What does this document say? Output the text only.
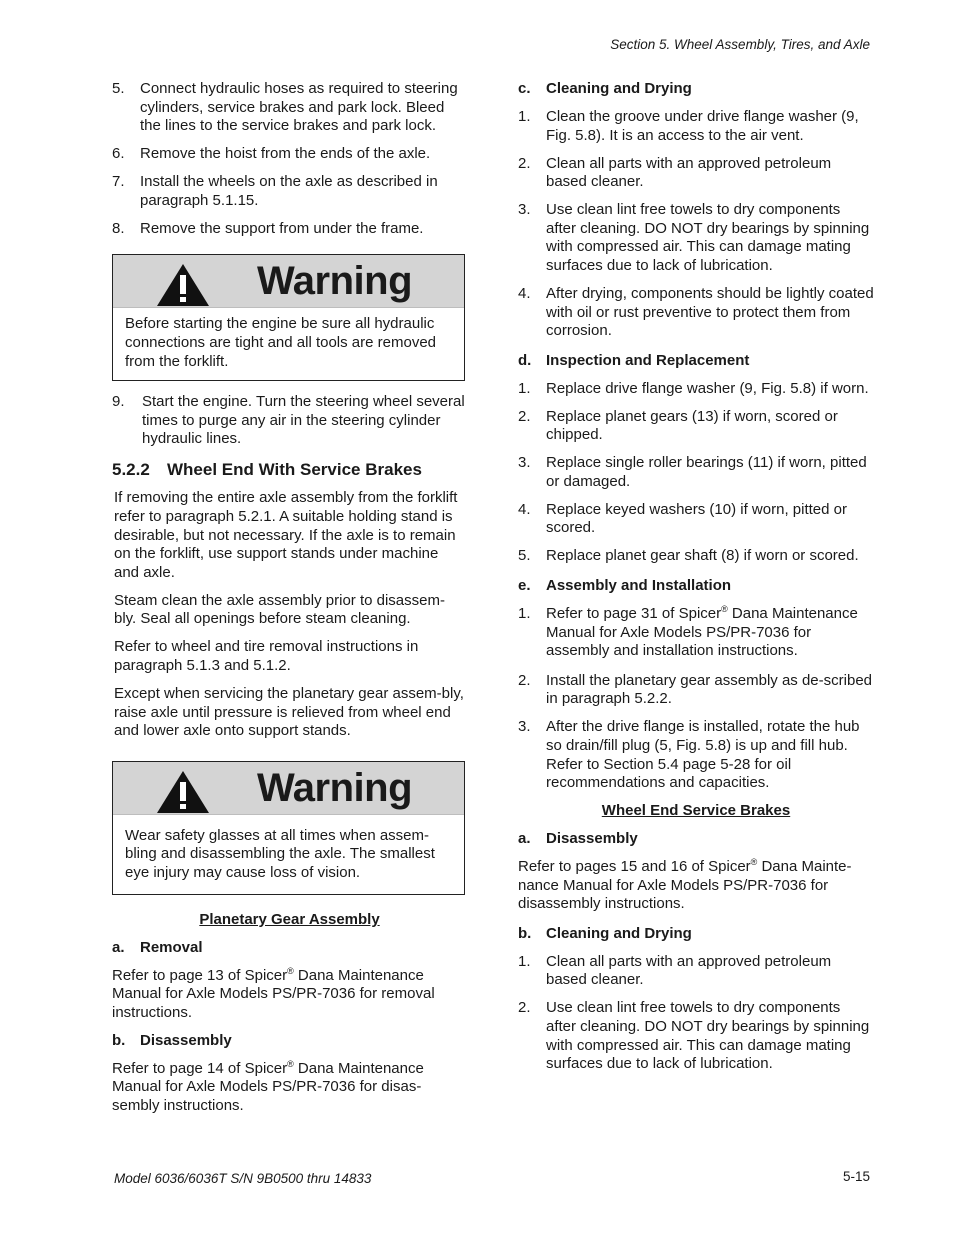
Section 5. Wheel Assembly, Tires, and Axle
5.	Connect hydraulic hoses as required to steering cylinders, service brakes and park lock. Bleed the lines to the service brakes and park lock.
6.	Remove the hoist from the ends of the axle.
7.	Install the wheels on the axle as described in paragraph 5.1.15.
8.	Remove the support from under the frame.
Warning
Before starting the engine be sure all hydraulic connections are tight and all tools are removed from the forklift.
9.	Start the engine. Turn the steering wheel several times to purge any air in the steering cylinder hydraulic lines.
5.2.2	Wheel End With Service Brakes

If removing the entire axle assembly from the forklift refer to paragraph 5.2.1. A suitable holding stand is desirable, but not necessary. If the axle is to remain on the forklift, use support stands under machine and axle.

Steam clean the axle assembly prior to disassem-bly. Seal all openings before steam cleaning.

Refer to wheel and tire removal instructions in paragraph 5.1.3 and 5.1.2.

Except when servicing the planetary gear assem-bly, raise axle until pressure is relieved from wheel end and lower axle onto support stands.

Warning
Wear safety glasses at all times when assem-bling and disassembling the axle. The smallest eye injury may cause loss of vision.
Planetary Gear Assembly
a.	Removal

Refer to page 13 of Spicer® Dana Maintenance Manual for Axle Models PS/PR-7036 for removal instructions.

b. Disassembly

Refer to page 14 of Spicer® Dana Maintenance Manual for Axle Models PS/PR-7036 for disas-sembly instructions.

c.	Cleaning and Drying
1.	Clean the groove under drive flange washer (9, Fig. 5.8). It is an access to the air vent.
2.	Clean all parts with an approved petroleum based cleaner.
3.	Use clean lint free towels to dry components after cleaning. DO NOT dry bearings by spinning with compressed air. This can damage mating surfaces due to lack of lubrication.
4.	After drying, components should be lightly coated with oil or rust preventive to protect them from corrosion.
d. Inspection and Replacement
1.	Replace drive flange washer (9, Fig. 5.8) if worn.
2.	Replace planet gears (13) if worn, scored or chipped.
3.	Replace single roller bearings (11) if worn, pitted or damaged.
4.	Replace keyed washers (10) if worn, pitted or scored.
5.	Replace planet gear shaft (8) if worn or scored.
e.	Assembly and Installation
1.	Refer to page 31 of Spicer® Dana Maintenance Manual for Axle Models PS/PR-7036 for assembly and installation instructions.
2.	Install the planetary gear assembly as de-scribed in paragraph 5.2.2.
3.	After the drive flange is installed, rotate the hub so drain/fill plug (5, Fig. 5.8) is up and fill hub. Refer to Section 5.4 page 5-28 for oil recommendations and capacities.
Wheel End Service Brakes
a.	Disassembly

Refer to pages 15 and 16 of Spicer® Dana Mainte-nance Manual for Axle Models PS/PR-7036 for disassembly instructions.

b. Cleaning and Drying
1.	Clean all parts with an approved petroleum based cleaner.
2.	Use clean lint free towels to dry components after cleaning. DO NOT dry bearings by spinning with compressed air. This can damage mating surfaces due to lack of lubrication.
Model 6036/6036T S/N 9B0500 thru 14833	5-15
